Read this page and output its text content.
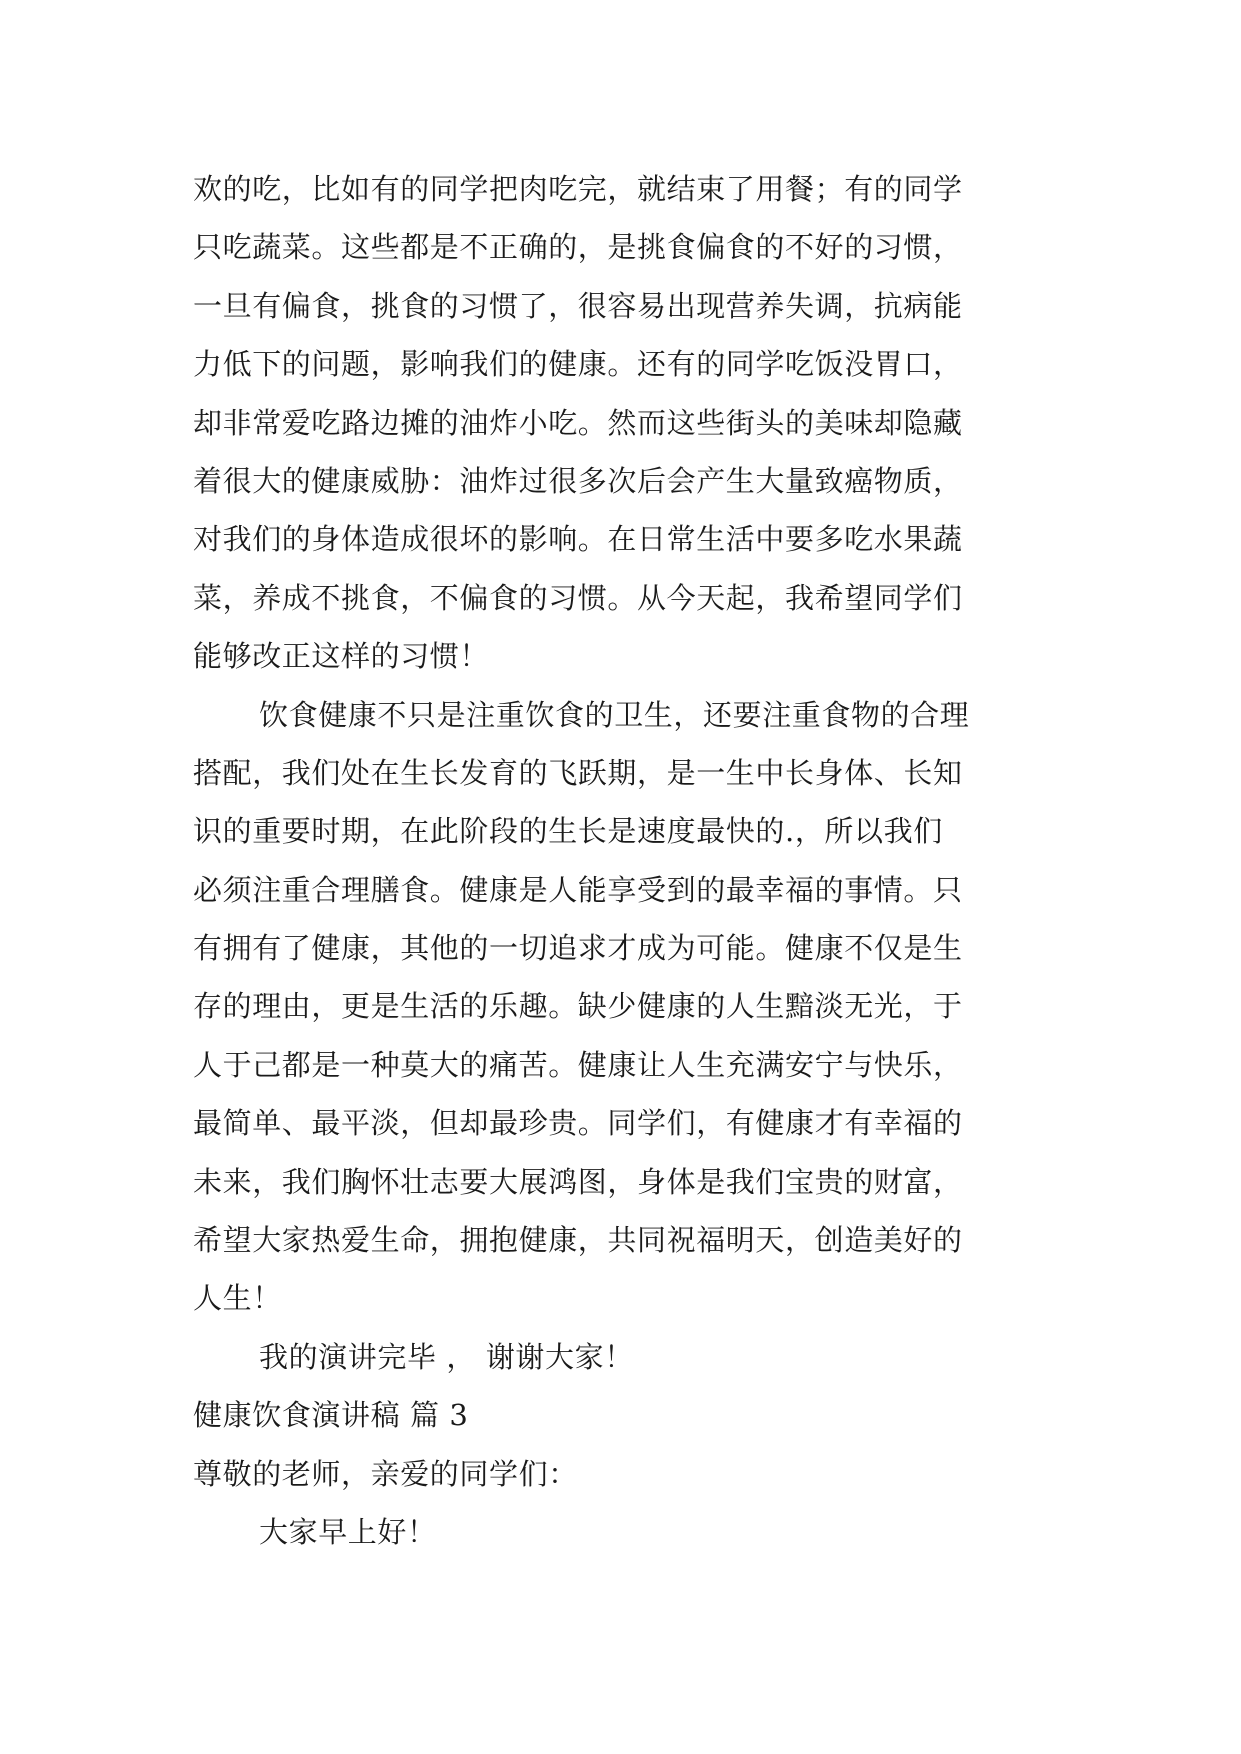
欢的吃，比如有的同学把肉吃完，就结束了用餐；有的同学
只吃蔬菜。这些都是不正确的，是挑食偏食的不好的习惯，
一旦有偏食，挑食的习惯了，很容易出现营养失调，抗病能
力低下的问题，影响我们的健康。还有的同学吃饭没胃口，
却非常爱吃路边摊的油炸小吃。然而这些街头的美味却隐藏
着很大的健康威胁：油炸过很多次后会产生大量致癌物质，
对我们的身体造成很坏的影响。在日常生活中要多吃水果蔬
菜，养成不挑食，不偏食的习惯。从今天起，我希望同学们
能够改正这样的习惯！
饮食健康不只是注重饮食的卫生，还要注重食物的合理
搭配，我们处在生长发育的飞跃期，是一生中长身体、长知
识的重要时期，在此阶段的生长是速度最快的.，所以我们
必须注重合理膳食。健康是人能享受到的最幸福的事情。只
有拥有了健康，其他的一切追求才成为可能。健康不仅是生
存的理由，更是生活的乐趣。缺少健康的人生黯淡无光，于
人于己都是一种莫大的痛苦。健康让人生充满安宁与快乐，
最简单、最平淡，但却最珍贵。同学们，有健康才有幸福的
未来，我们胸怀壮志要大展鸿图，身体是我们宝贵的财富，
希望大家热爱生命，拥抱健康，共同祝福明天，创造美好的
人生！
我的演讲完毕 ， 谢谢大家！
健康饮食演讲稿 篇 3
尊敬的老师，亲爱的同学们：
大家早上好！
